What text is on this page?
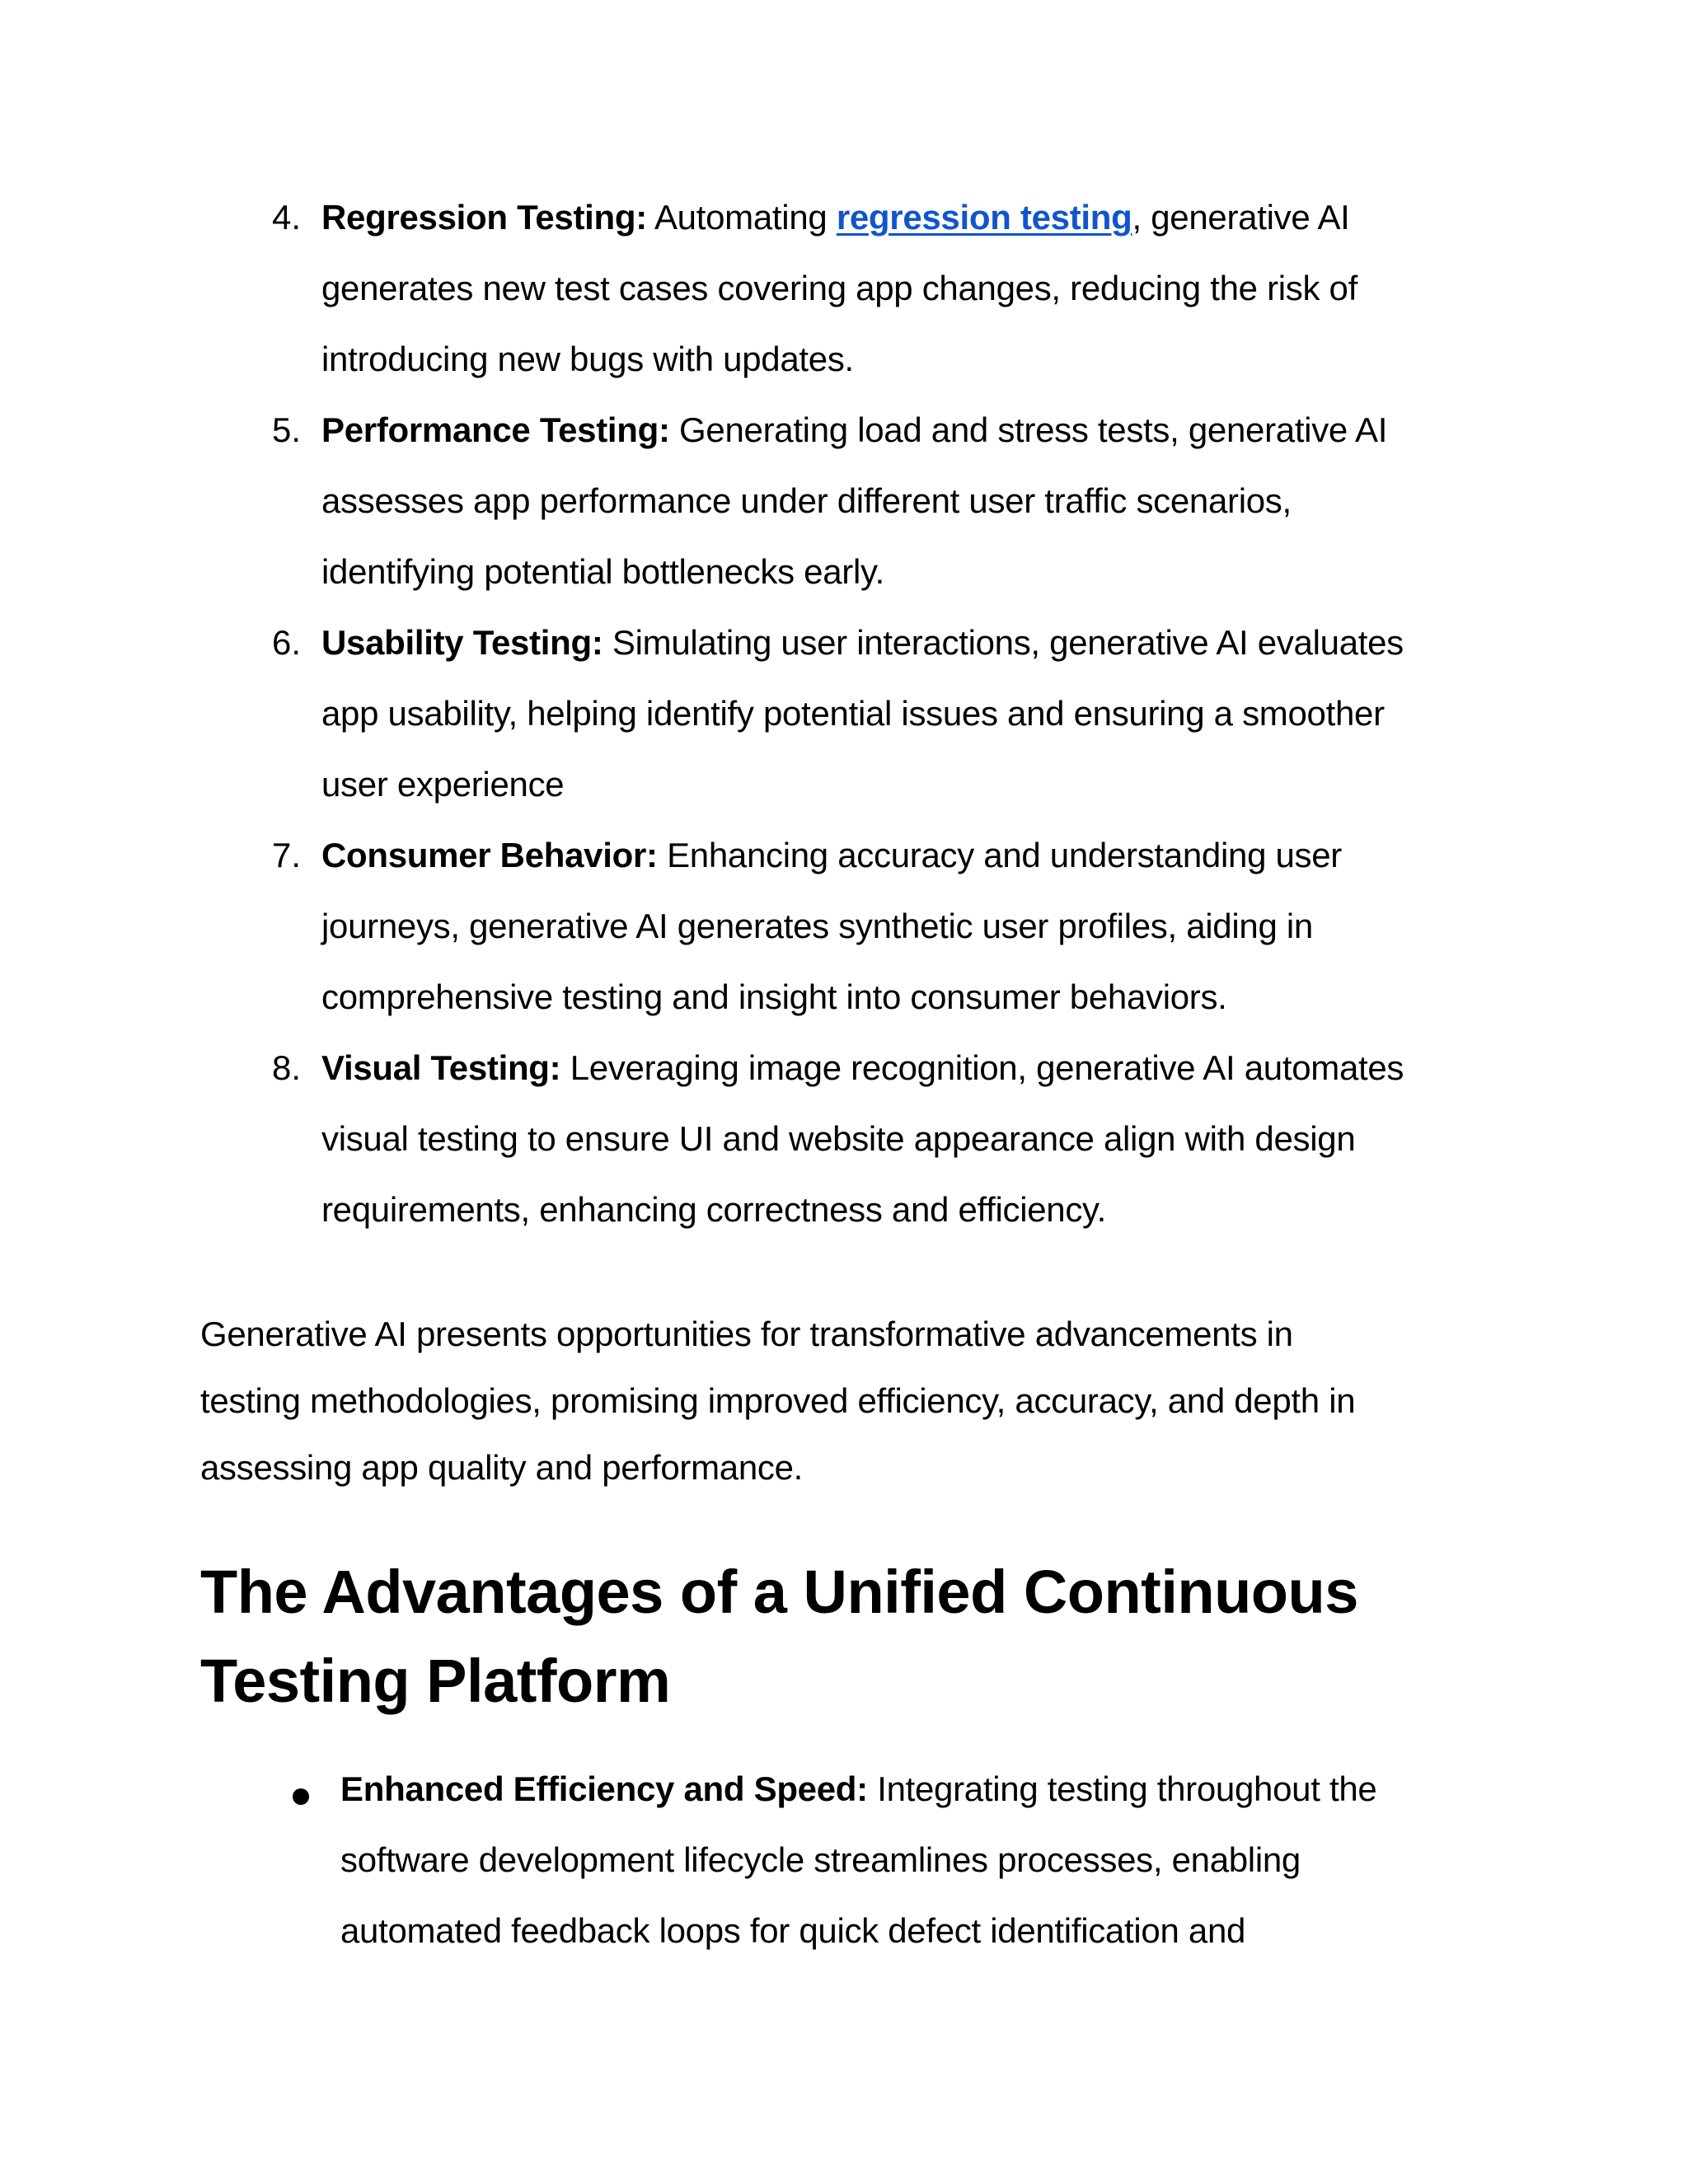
4. Regression Testing: Automating regression testing, generative AI
generates new test cases covering app changes, reducing the risk of
introducing new bugs with updates.
5. Performance Testing: Generating load and stress tests, generative AI
assesses app performance under different user traffic scenarios,
identifying potential bottlenecks early.
6. Usability Testing: Simulating user interactions, generative AI evaluates
app usability, helping identify potential issues and ensuring a smoother
user experience
7. Consumer Behavior: Enhancing accuracy and understanding user
journeys, generative AI generates synthetic user profiles, aiding in
comprehensive testing and insight into consumer behaviors.
8. Visual Testing: Leveraging image recognition, generative AI automates
visual testing to ensure UI and website appearance align with design
requirements, enhancing correctness and efficiency.
Generative AI presents opportunities for transformative advancements in
testing methodologies, promising improved efficiency, accuracy, and depth in
assessing app quality and performance.
The Advantages of a Unified Continuous
Testing Platform
Enhanced Efficiency and Speed: Integrating testing throughout the
software development lifecycle streamlines processes, enabling
automated feedback loops for quick defect identification and
